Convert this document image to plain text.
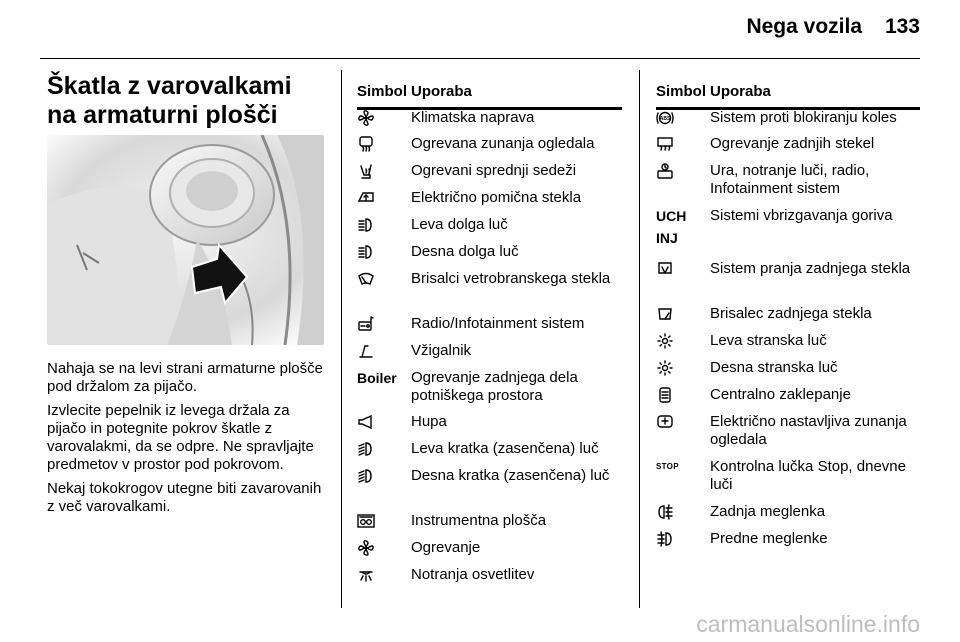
Nega vozila 133
Škatla z varovalkami na armaturni plošči

Nahaja se na levi strani armaturne plošče pod držalom za pijačo.

Izvlecite pepelnik iz levega držala za pijačo in potegnite pokrov škatle z varovalakmi, da se odpre. Ne spravljajte predmetov v prostor pod pokrovom.

Nekaj tokokrogov utegne biti zavarovanih z več varovalkami.

Simbol Uporaba
Klimatska naprava
Ogrevana zunanja ogledala
Ogrevani sprednji sedeži
Električno pomična stekla
Leva dolga luč
Desna dolga luč
Brisalci vetrobranskega stekla
Radio/Infotainment sistem
Vžigalnik
Boiler Ogrevanje zadnjega dela potniškega prostora
Hupa
Leva kratka (zasenčena) luč
Desna kratka (zasenčena) luč
Instrumentna plošča
Ogrevanje
Notranja osvetlitev
Simbol Uporaba
ABS	Sistem proti blokiranju koles
Ogrevanje zadnjih stekel
Ura, notranje luči, radio, Infotainment sistem
UCH
INJ
Sistemi vbrizgavanja goriva
Sistem pranja zadnjega stekla
Brisalec zadnjega stekla
Leva stranska luč
Desna stranska luč
Centralno zaklepanje
Električno nastavljiva zunanja ogledala
STOP Kontrolna lučka Stop, dnevne luči
Zadnja meglenka
Predne meglenke
carmanualsonline.info
